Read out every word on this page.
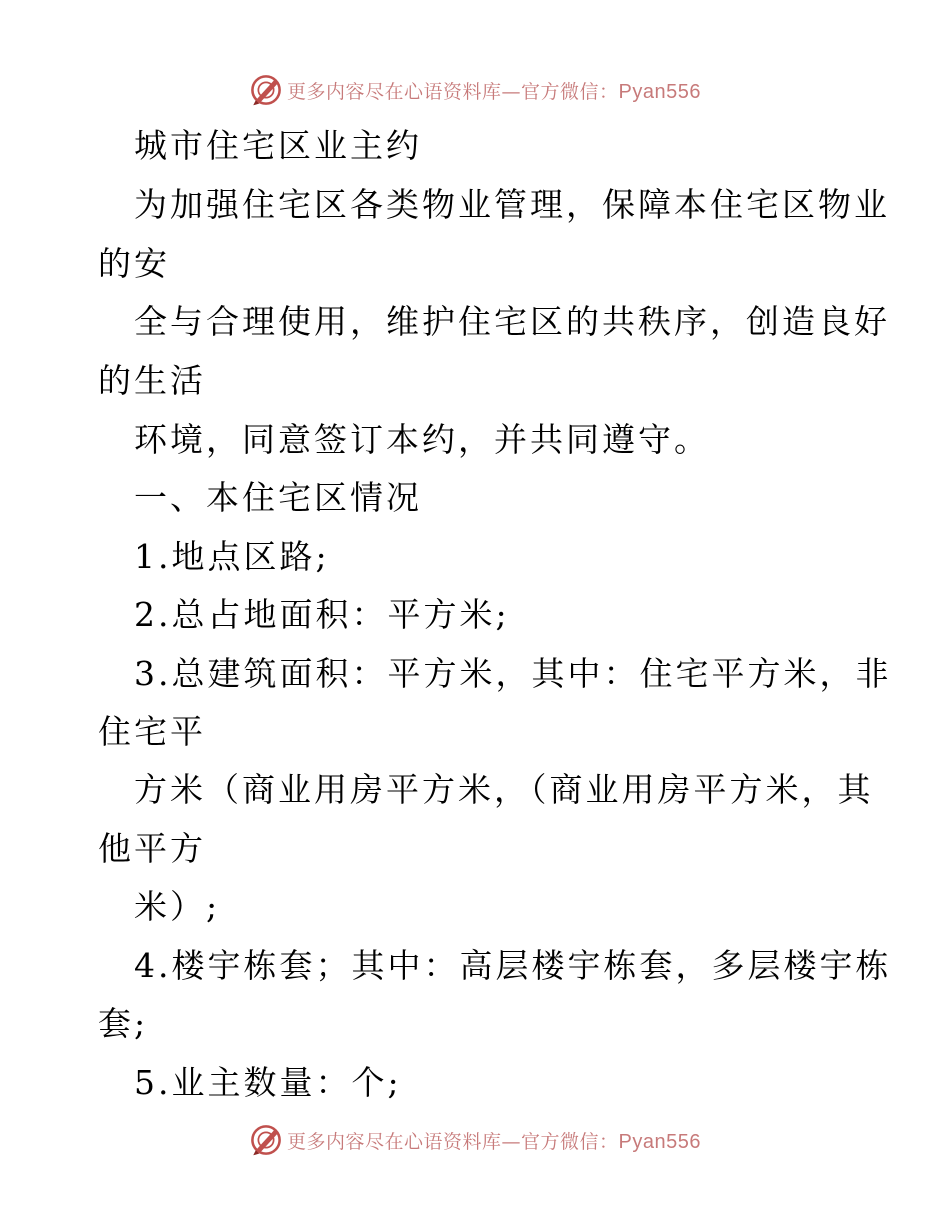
更多内容尽在心语资料库—官方微信：Pyan556
城市住宅区业主约
为加强住宅区各类物业管理，保障本住宅区物业
的安
全与合理使用，维护住宅区的共秩序，创造良好
的生活
环境，同意签订本约，并共同遵守。
一、本住宅区情况
1.地点区路;
2.总占地面积：平方米;
3.总建筑面积：平方米，其中：住宅平方米，非
住宅平
方米（商业用房平方米，（商业用房平方米，其
他平方
米）;
4.楼宇栋套；其中：高层楼宇栋套，多层楼宇栋
套;
5.业主数量：个;
更多内容尽在心语资料库—官方微信：Pyan556
